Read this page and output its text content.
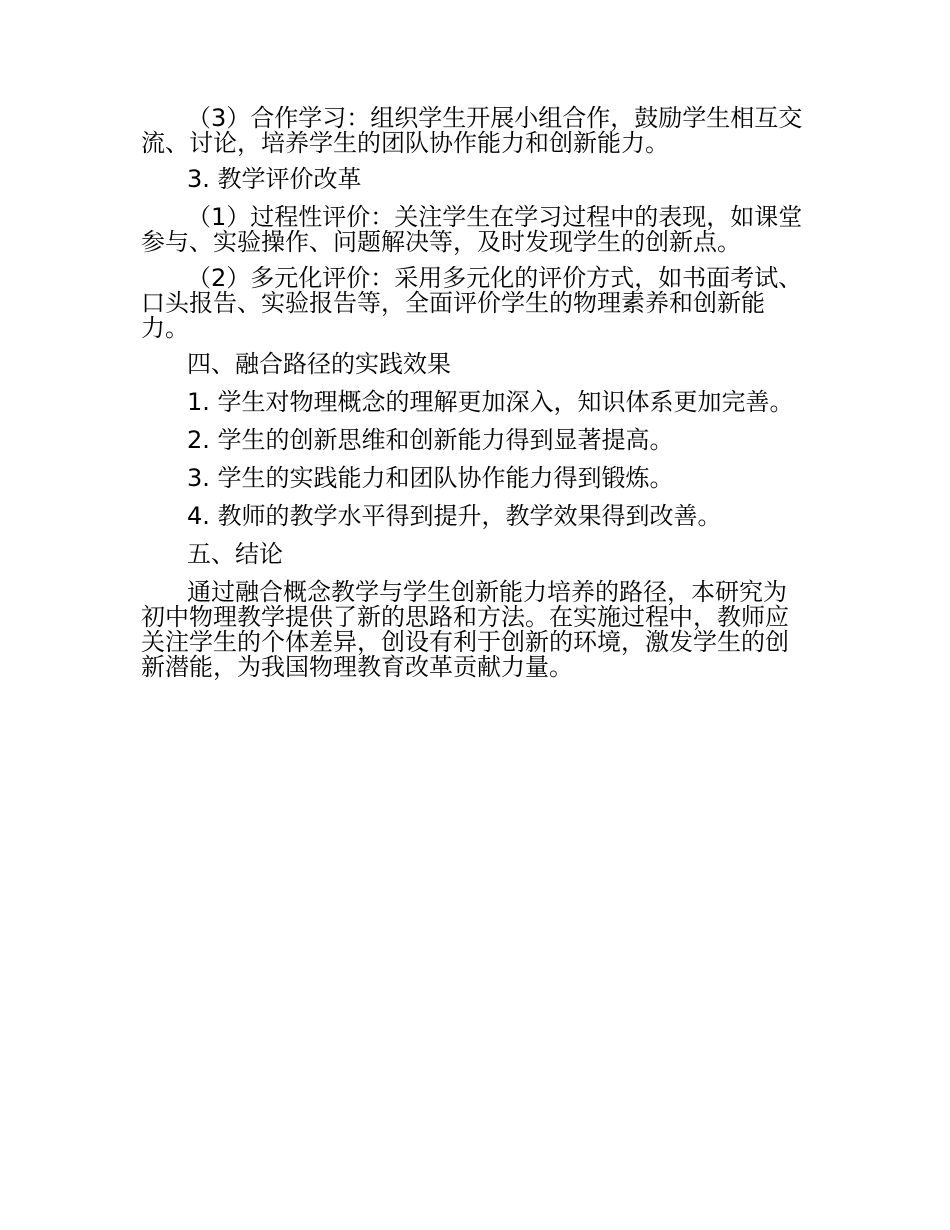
（3）合作学习：组织学生开展小组合作，鼓励学生相互交流、讨论，培养学生的团队协作能力和创新能力。

3. 教学评价改革

（1）过程性评价：关注学生在学习过程中的表现，如课堂参与、实验操作、问题解决等，及时发现学生的创新点。

（2）多元化评价：采用多元化的评价方式，如书面考试、口头报告、实验报告等，全面评价学生的物理素养和创新能力。

四、融合路径的实践效果

1. 学生对物理概念的理解更加深入，知识体系更加完善。

2. 学生的创新思维和创新能力得到显著提高。

3. 学生的实践能力和团队协作能力得到锻炼。

4. 教师的教学水平得到提升，教学效果得到改善。

五、结论

通过融合概念教学与学生创新能力培养的路径，本研究为初中物理教学提供了新的思路和方法。在实施过程中，教师应关注学生的个体差异，创设有利于创新的环境，激发学生的创新潜能，为我国物理教育改革贡献力量。
